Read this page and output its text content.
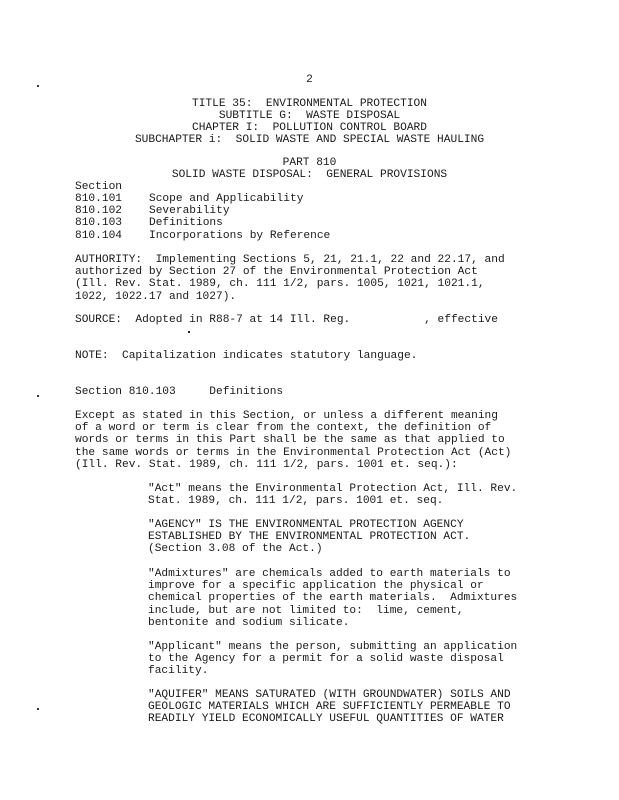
2
TITLE 35:  ENVIRONMENTAL PROTECTION
SUBTITLE G:  WASTE DISPOSAL
CHAPTER I:  POLLUTION CONTROL BOARD
SUBCHAPTER i:  SOLID WASTE AND SPECIAL WASTE HAULING
PART 810
SOLID WASTE DISPOSAL:  GENERAL PROVISIONS
Section
810.101 Scope and Applicability
810.102 Severability
810.103 Definitions
810.104 Incorporations by Reference
AUTHORITY:  Implementing Sections 5, 21, 21.1, 22 and 22.17, and
authorized by Section 27 of the Environmental Protection Act
(Ill. Rev. Stat. 1989, ch. 111 1/2, pars. 1005, 1021, 1021.1,
1022, 1022.17 and 1027).
SOURCE:  Adopted in R88-7 at 14 Ill. Reg.           , effective
NOTE:  Capitalization indicates statutory language.
Section 810.103     Definitions
Except as stated in this Section, or unless a different meaning
of a word or term is clear from the context, the definition of
words or terms in this Part shall be the same as that applied to
the same words or terms in the Environmental Protection Act (Act)
(Ill. Rev. Stat. 1989, ch. 111 1/2, pars. 1001 et. seq.):
"Act" means the Environmental Protection Act, Ill. Rev.
Stat. 1989, ch. 111 1/2, pars. 1001 et. seq.
"AGENCY" IS THE ENVIRONMENTAL PROTECTION AGENCY
ESTABLISHED BY THE ENVIRONMENTAL PROTECTION ACT.
(Section 3.08 of the Act.)
"Admixtures" are chemicals added to earth materials to
improve for a specific application the physical or
chemical properties of the earth materials.  Admixtures
include, but are not limited to:  lime, cement,
bentonite and sodium silicate.
"Applicant" means the person, submitting an application
to the Agency for a permit for a solid waste disposal
facility.
"AQUIFER" MEANS SATURATED (WITH GROUNDWATER) SOILS AND
GEOLOGIC MATERIALS WHICH ARE SUFFICIENTLY PERMEABLE TO
READILY YIELD ECONOMICALLY USEFUL QUANTITIES OF WATER
